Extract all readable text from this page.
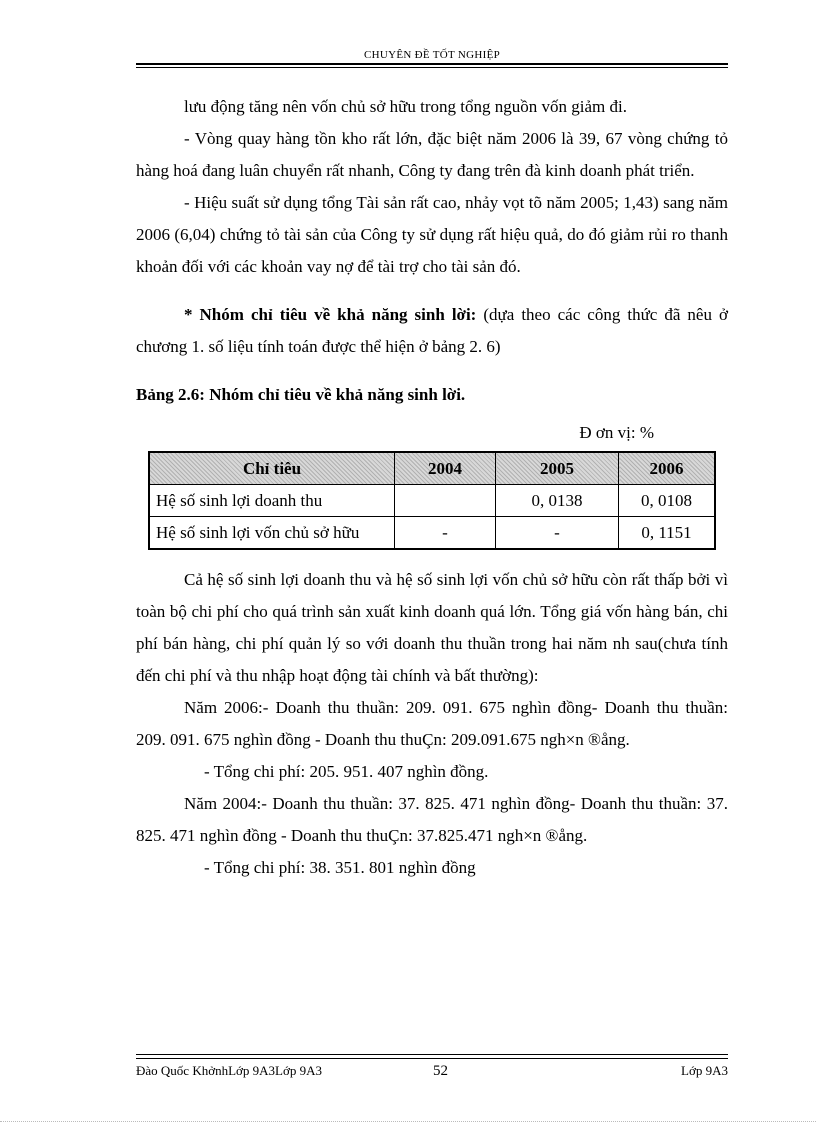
CHUYÊN ĐỀ TỐT NGHIỆP

lưu động tăng nên vốn chủ sở hữu trong tổng nguồn vốn giảm đi.

- Vòng quay hàng tồn kho rất lớn, đặc biệt năm 2006 là 39, 67 vòng chứng tỏ hàng hoá đang luân chuyển rất nhanh, Công ty đang trên đà kinh doanh phát triển.

- Hiệu suất sử dụng tổng Tài sản rất cao, nhảy vọt tõ năm 2005; 1,43) sang năm 2006 (6,04) chứng tỏ tài sản của Công ty sử dụng rất hiệu quả, do đó giảm rủi ro thanh khoản đối với các khoản vay nợ để tài trợ cho tài sản đó.

* Nhóm chỉ tiêu về khả năng sinh lời: (dựa theo các công thức đã nêu ở chương 1. số liệu tính toán được thể hiện ở bảng 2. 6)

Bảng 2.6: Nhóm chỉ tiêu về khả năng sinh lời.

Đ ơn vị: %

Chỉ tiêu	2004	2005	2006
Hệ số sinh lợi doanh thu		0, 0138	0, 0108
Hệ số sinh lợi vốn chủ sở hữu	-	-	0, 1151

Cả hệ số sinh lợi doanh thu và hệ số sinh lợi vốn chủ sở hữu còn rất thấp bởi vì toàn bộ chi phí cho quá trình sản xuất kinh doanh quá lớn. Tổng giá vốn hàng bán, chi phí bán hàng, chi phí quản lý so với doanh thu thuần trong hai năm nh sau(chưa tính đến chi phí và thu nhập hoạt động tài chính và bất thường):

Năm 2006:- Doanh thu thuần: 209. 091. 675 nghìn đồng- Doanh thu thuần: 209. 091. 675 nghìn đồng - Doanh thu thuÇn: 209.091.675 ngh×n ®ång.

- Tổng chi phí: 205. 951. 407 nghìn đồng.

Năm 2004:- Doanh thu thuần: 37. 825. 471 nghìn đồng- Doanh thu thuần: 37. 825. 471 nghìn đồng - Doanh thu thuÇn: 37.825.471 ngh×n ®ång.

- Tổng chi phí: 38. 351. 801 nghìn đồng

Đào Quốc KhởnhLớp 9A3Lớp 9A3	52	Lớp 9A3
